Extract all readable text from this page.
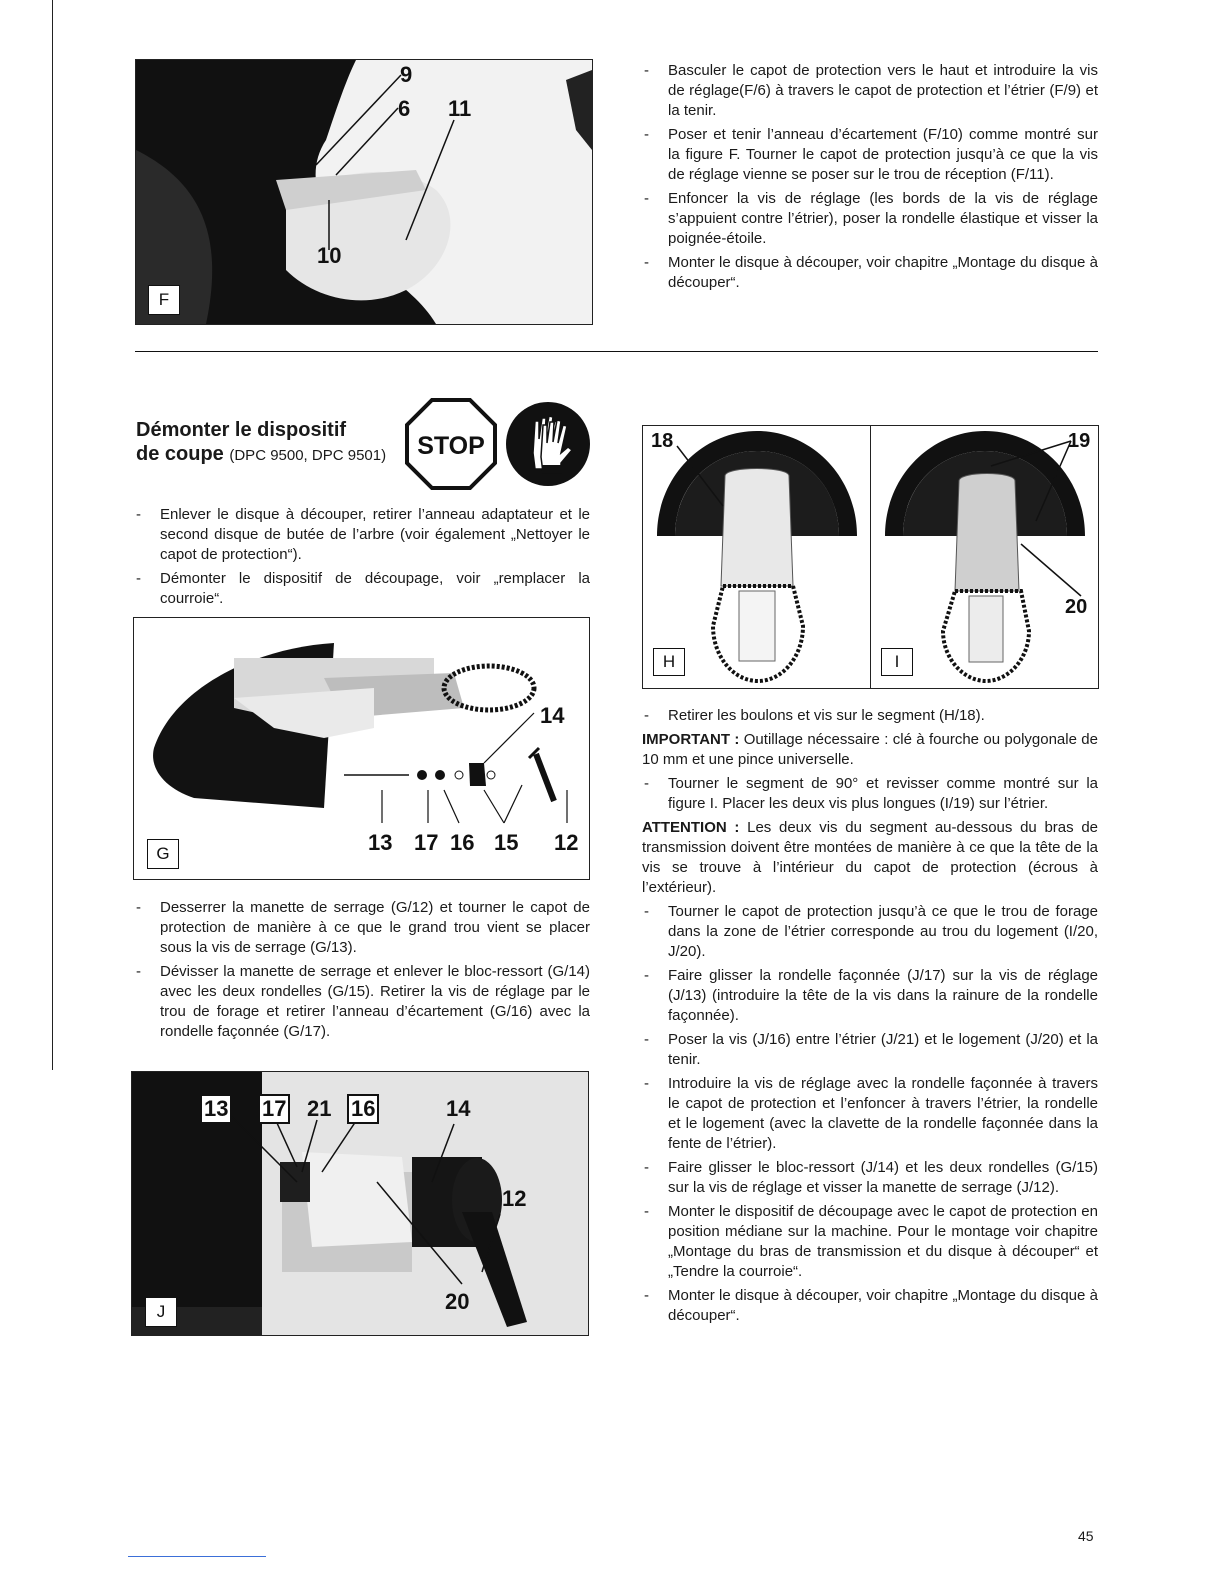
9
6 11
10
F
- Basculer le capot de protection vers le haut et introduire la vis de réglage(F/6) à travers le capot de protection et l’étrier (F/9) et la tenir.
- Poser et tenir l’anneau d’écartement (F/10) comme montré sur la figure F. Tourner le capot de protection jusqu’à ce que la vis de réglage vienne se poser sur le trou de réception (F/11).
- Enfoncer la vis de réglage (les bords de la vis de réglage s’appuient contre l’étrier), poser la rondelle élastique et visser la poignée-étoile.
- Monter le disque à découper, voir chapitre „Montage du disque à découper“.
Démonter le dispositif
de coupe (DPC 9500, DPC 9501)	STOP
- Enlever le disque à découper, retirer l’anneau adaptateur et le second disque de butée de l’arbre (voir également „Nettoyer le capot de protection“).
- Démonter le dispositif de découpage, voir „remplacer la courroie“.
14
13 17 16 15 12
G
- Desserrer la manette de serrage (G/12) et tourner le capot de protection de manière à ce que le grand trou vient se placer sous la vis de serrage (G/13).
- Dévisser la manette de serrage et enlever le bloc-ressort (G/14) avec les deux rondelles (G/15). Retirer la vis de réglage par le trou de forage et retirer l’anneau d’écartement (G/16) avec la rondelle façonnée (G/17).
13 17 21 16	14
12
20
J
18
H
19
20
I
- Retirer les boulons et vis sur le segment (H/18).
IMPORTANT : Outillage nécessaire : clé à fourche ou polygonale de 10 mm et une pince universelle.
- Tourner le segment de 90° et revisser comme montré sur la figure I. Placer les deux vis plus longues (I/19) sur l’étrier.
ATTENTION : Les deux vis du segment au-dessous du bras de transmission doivent être montées de manière à ce que la tête de la vis se trouve à l’intérieur du capot de protection (écrous à l’extérieur).
- Tourner le capot de protection jusqu’à ce que le trou de forage dans la zone de l’étrier corresponde au trou du logement (I/20, J/20).
- Faire glisser la rondelle façonnée (J/17) sur la vis de réglage (J/13) (introduire la tête de la vis dans la rainure de la rondelle façonnée).
- Poser la vis (J/16) entre l’étrier (J/21) et le logement (J/20) et la tenir.
- Introduire la vis de réglage avec la rondelle façonnée à travers le capot de protection et l’enfoncer à travers l’étrier, la rondelle et le logement (avec la clavette de la rondelle façonnée dans la fente de l’étrier).
- Faire glisser le bloc-ressort (J/14) et les deux rondelles (G/15) sur la vis de réglage et visser la manette de serrage (J/12).
- Monter le dispositif de découpage avec le capot de protection en position médiane sur la machine. Pour le montage voir chapitre „Montage du bras de transmission et du disque à découper“ et „Tendre la courroie“.
- Monter le disque à découper, voir chapitre „Montage du disque à découper“.
45
